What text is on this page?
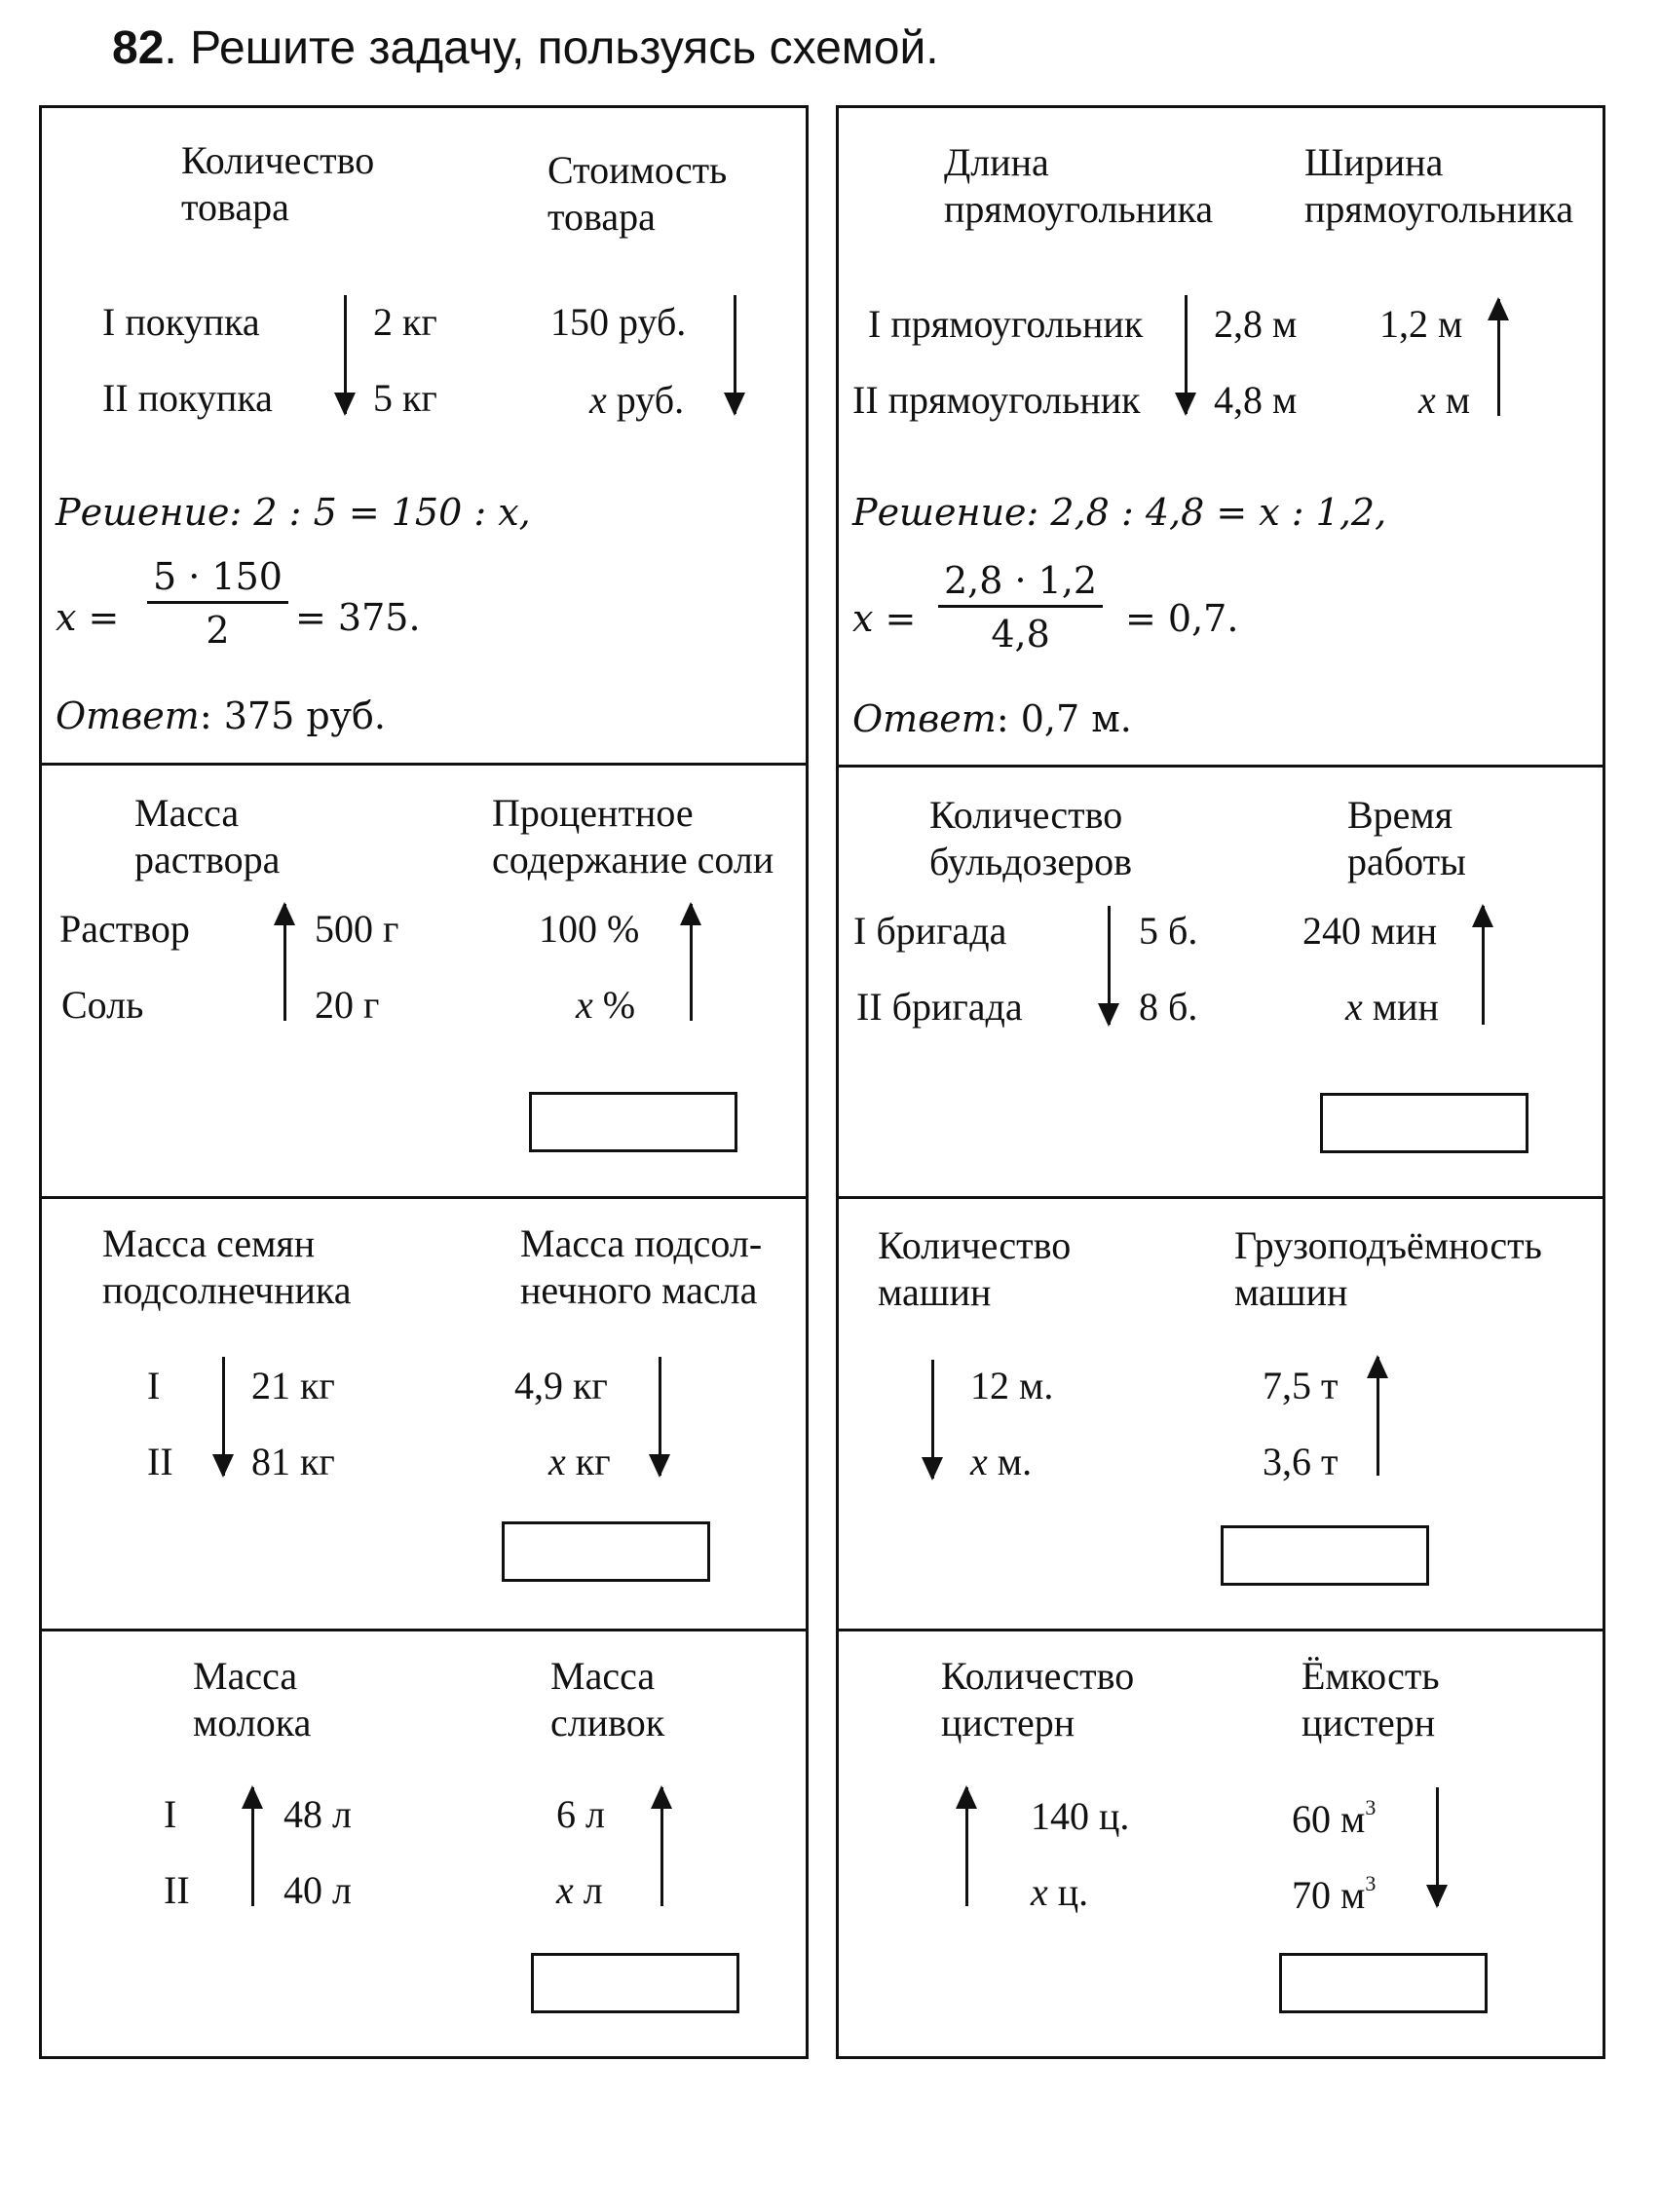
82. Решите задачу, пользуясь схемой.
Количество
товара
Стоимость
товара
I покупка
II покупка
2 кг
5 кг
150 руб.
x руб.
Решение: 2 : 5 = 150 : x,
$x = \frac{5 \cdot 150}{2} = 375$.
Ответ: 375 руб.
Масса
раствора
Процентное
содержание соли
Раствор
Соль
500 г
20 г
100 %
x %
Масса семян
подсолнечника
Масса подсол-
нечного масла
I
II
21 кг
81 кг
4,9 кг
x кг
Масса
молока
Масса
сливок
I
II
48 л
40 л
6 л
x л
Длина
прямоугольника
Ширина
прямоугольника
I прямоугольник
II прямоугольник
2,8 м
4,8 м
1,2 м
x м
Решение: 2,8 : 4,8 = x : 1,2,
$x = \frac{2,8 \cdot 1,2}{4,8} = 0,7$.
Ответ: 0,7 м.
Количество
бульдозеров
Время
работы
I бригада
II бригада
5 б.
8 б.
240 мин
x мин
Количество
машин
Грузоподъёмность
машин
12 м.
x м.
7,5 т
3,6 т
Количество
цистерн
Ёмкость
цистерн
140 ц.
x ц.
60 $м^3$
70 $м^3$
